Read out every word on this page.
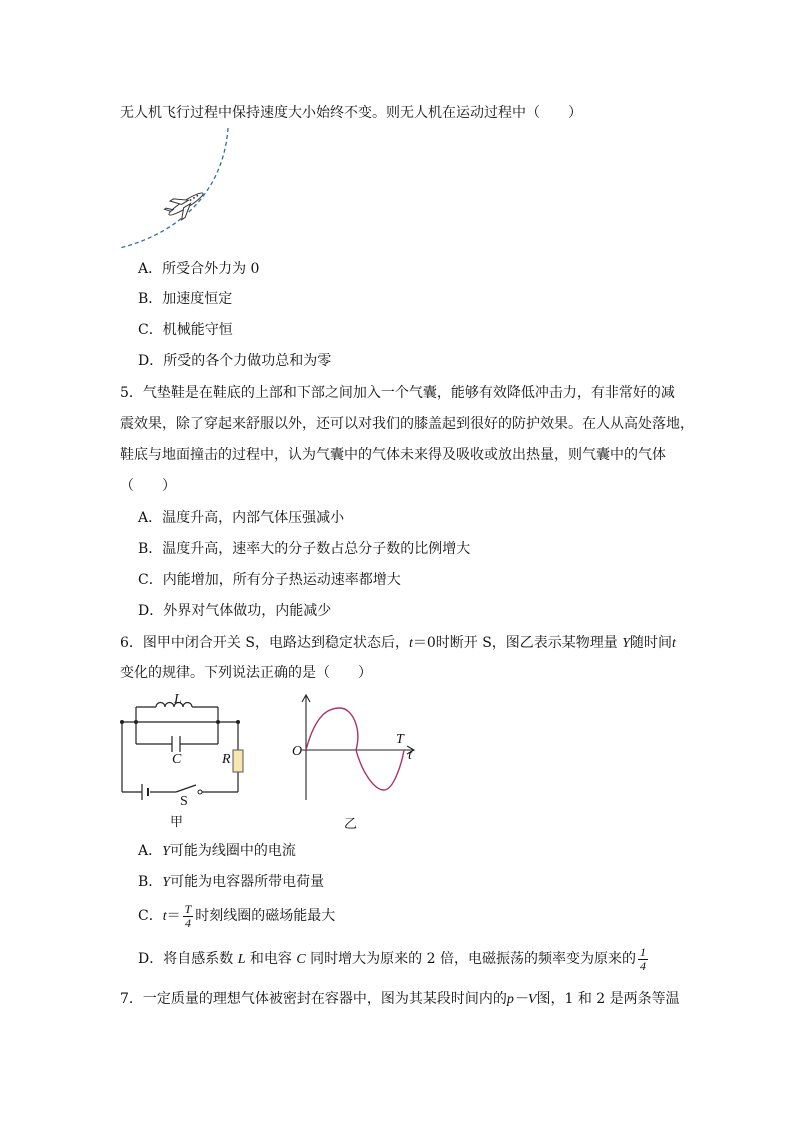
无人机飞行过程中保持速度大小始终不变。则无人机在运动过程中（　　）
A．所受合外力为 0
B．加速度恒定
C．机械能守恒
D．所受的各个力做功总和为零
5．气垫鞋是在鞋底的上部和下部之间加入一个气囊，能够有效降低冲击力，有非常好的减
震效果，除了穿起来舒服以外，还可以对我们的膝盖起到很好的防护效果。在人从高处落地，
鞋底与地面撞击的过程中，认为气囊中的气体未来得及吸收或放出热量，则气囊中的气体
（　　）
A．温度升高，内部气体压强减小
B．温度升高，速率大的分子数占总分子数的比例增大
C．内能增加，所有分子热运动速率都增大
D．外界对气体做功，内能减少
6．图甲中闭合开关 S，电路达到稳定状态后，t＝0时断开 S，图乙表示某物理量 Y随时间t
变化的规律。下列说法正确的是（　　）
L
C	R
S
甲
O
T
t
乙
A．Y可能为线圈中的电流
B．Y可能为电容器所带电荷量
C．$t= \frac{T}{4}$ 时刻线圈的磁场能最大
D．将自感系数 L 和电容 C 同时增大为原来的 2 倍，电磁振荡的频率变为原来的 $\frac{1}{4}$
7．一定质量的理想气体被密封在容器中，图为其某段时间内的p－V图，1 和 2 是两条等温
